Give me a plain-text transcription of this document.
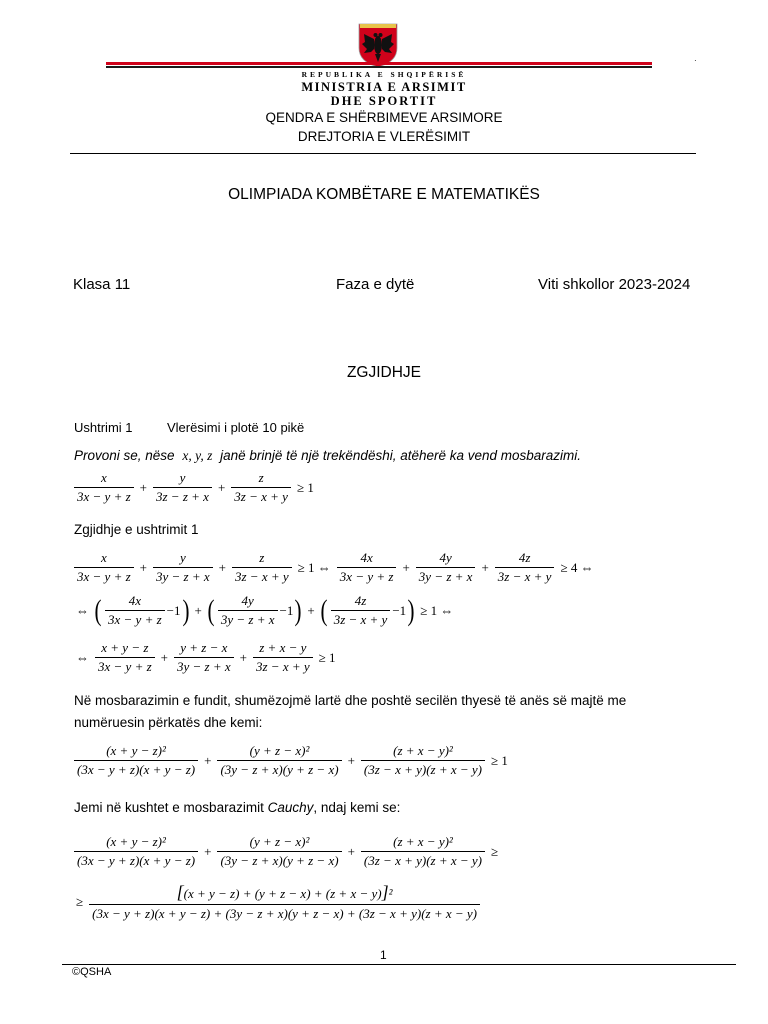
·
REPUBLIKA E SHQIPËRISË
MINISTRIA E ARSIMIT
DHE SPORTIT
QENDRA E SHËRBIMEVE ARSIMORE
DREJTORIA E VLERËSIMIT
OLIMPIADA KOMBËTARE E MATEMATIKËS
Klasa 11	Faza e dytë	Viti shkollor 2023-2024
ZGJIDHJE
Ushtrimi 1	Vlerësimi i plotë 10 pikë
Provoni se, nëse x, y, z janë brinjë të një trekëndëshi, atëherë ka vend mosbarazimi.
$\frac{x}{3x - y + z} + \frac{y}{3z - z + x} + \frac{z}{3z - x + y} \ge 1$
Zgjidhje e ushtrimit 1
$\frac{x}{3x - y + z} + \frac{y}{3y - z + x} + \frac{z}{3z - x + y} \ge 1$ ⇔ $\frac{4x}{3x - y + z} + \frac{4y}{3y - z + x} + \frac{4z}{3z - x + y} \ge 4$ ⇔
⇔ ( $\frac{4x}{3x - y + z} -1$ ) + ( $\frac{4y}{3y - z + x} -1$ ) + ( $\frac{4z}{3z - x + y} -1$ ) ≥ 1 ⇔
⇔ $\frac{x + y - z}{3x - y + z} + \frac{y + z - x}{3y - z + x} + \frac{z + x - y}{3z - x + y} \ge 1$
Në mosbarazimin e fundit, shumëzojmë lartë dhe poshtë secilën thyesë të anës së majtë me numëruesin përkatës dhe kemi:
$\frac{\text{(x + y − z)²}}{(3x - y + z)(x + y - z)} + \frac{\text{(y + z − x)²}}{(3y - z + x)(y + z - x)} + \frac{\text{(z + x − y)²}}{(3z - x + y)(z + x - y)} \ge 1$
Jemi në kushtet e mosbarazimit Cauchy, ndaj kemi se:
$\frac{\text{(x + y − z)²}}{(3x - y + z)(x + y - z)} + \frac{\text{(y + z − x)²}}{(3y - z + x)(y + z - x)} + \frac{\text{(z + x − y)²}}{(3z - x + y)(z + x - y)}$ ≥
≥	[(x + y − z) + (y + z − x) + (z + x − y)]²
(3x − y + z)(x + y − z) + (3y − z + x)(y + z − x) + (3z − x + y)(z + x − y)
1
©QSHA
